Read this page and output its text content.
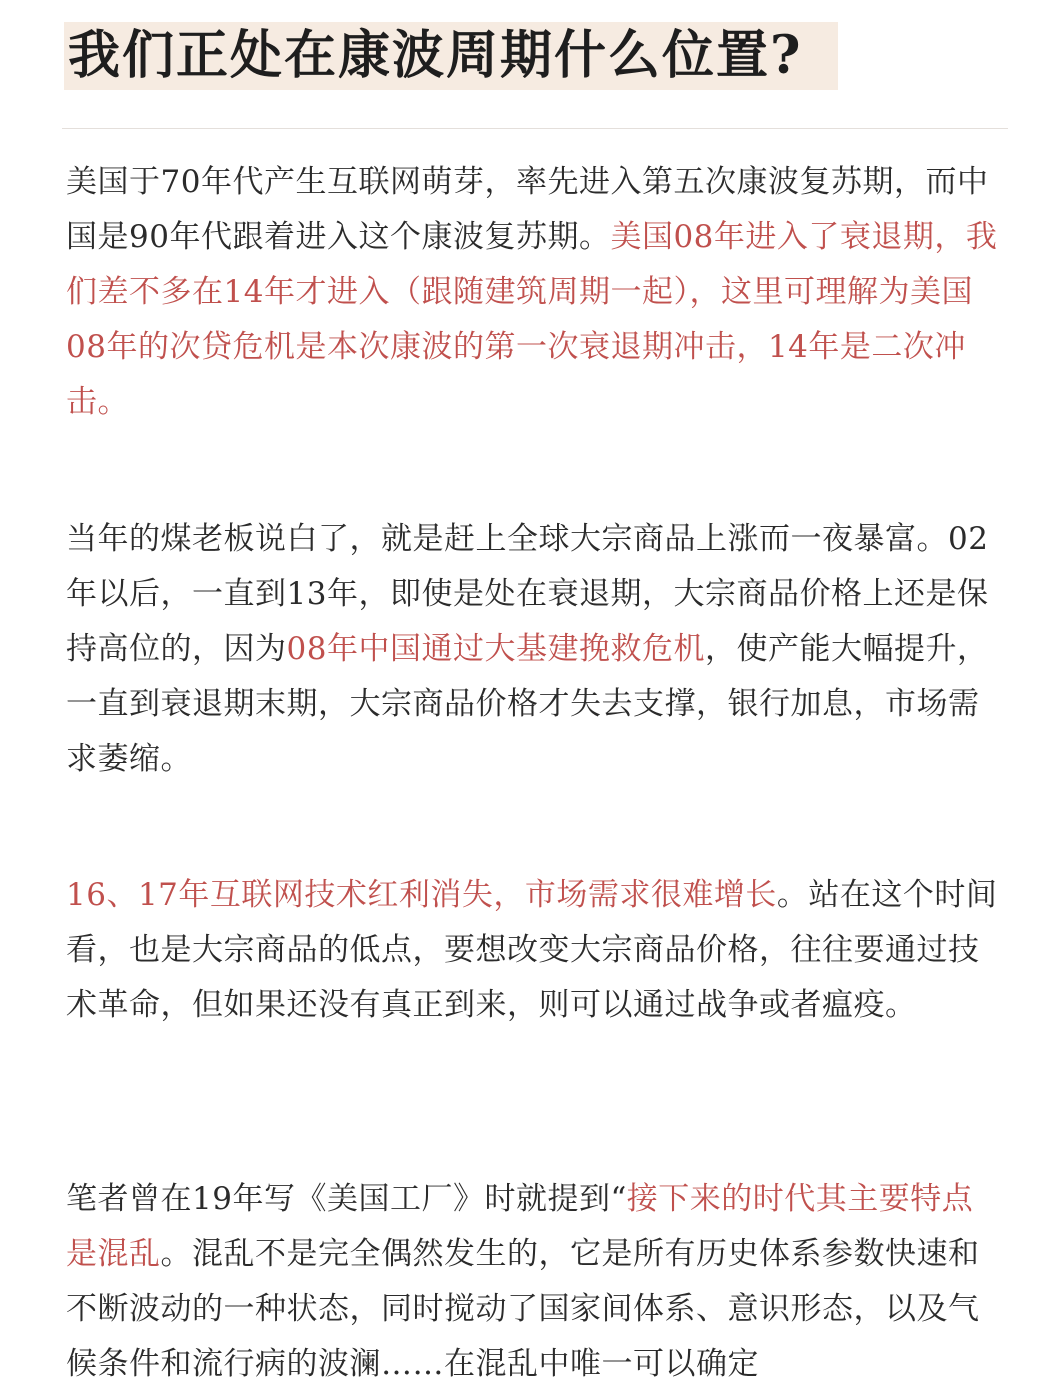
我们正处在康波周期什么位置?

美国于70年代产生互联网萌芽，率先进入第五次康波复苏期，而中国是90年代跟着进入这个康波复苏期。美国08年进入了衰退期，我们差不多在14年才进入（跟随建筑周期一起），这里可理解为美国08年的次贷危机是本次康波的第一次衰退期冲击，14年是二次冲击。

当年的煤老板说白了，就是赶上全球大宗商品上涨而一夜暴富。02年以后，一直到13年，即使是处在衰退期，大宗商品价格上还是保持高位的，因为08年中国通过大基建挽救危机，使产能大幅提升，一直到衰退期末期，大宗商品价格才失去支撑，银行加息，市场需求萎缩。

16、17年互联网技术红利消失，市场需求很难增长。站在这个时间看，也是大宗商品的低点，要想改变大宗商品价格，往往要通过技术革命，但如果还没有真正到来，则可以通过战争或者瘟疫。

笔者曾在19年写《美国工厂》时就提到“接下来的时代其主要特点是混乱。混乱不是完全偶然发生的，它是所有历史体系参数快速和不断波动的一种状态，同时搅动了国家间体系、意识形态，以及气候条件和流行病的波澜……在混乱中唯一可以确定
